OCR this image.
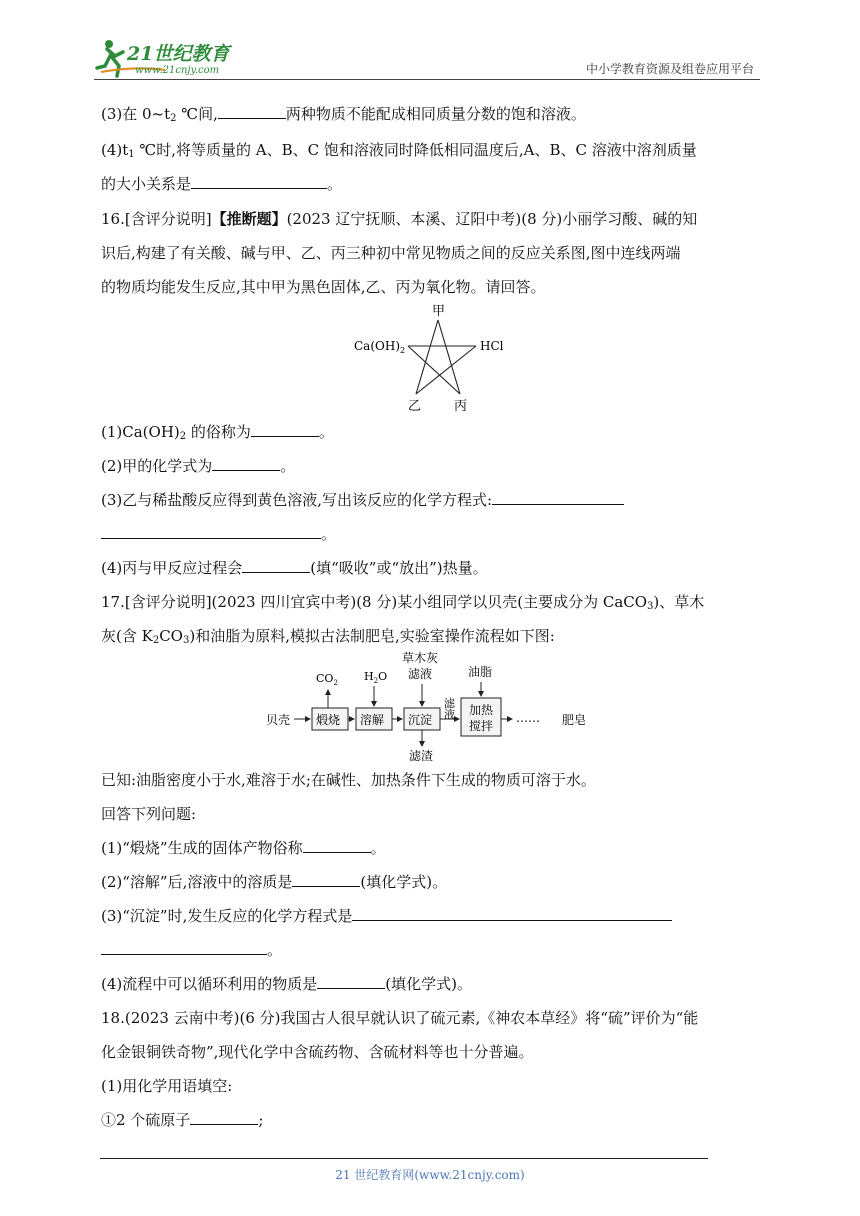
21世纪教育
www.21cnjy.com	中小学教育资源及组卷应用平台
(3)在 $0\sim t_2$ ℃间,	两种物质不能配成相同质量分数的饱和溶液。
$(4)t_1$ ℃时,将等质量的 A、B、C 饱和溶液同时降低相同温度后,A、B、C 溶液中溶剂质量
的大小关系是	。
16.[含评分说明]【推断题】(2023 辽宁抚顺、本溪、辽阳中考)(8 分)小丽学习酸、碱的知
识后,构建了有关酸、碱与甲、乙、丙三种初中常见物质之间的反应关系图,图中连线两端
的物质均能发生反应,其中甲为黑色固体,乙、丙为氧化物。请回答。
甲
$Ca(OH)_2$	HCl
乙	丙
$(1)Ca(OH)_2$ 的俗称为	。
(2)甲的化学式为	。
(3)乙与稀盐酸反应得到黄色溶液,写出该反应的化学方程式:
。
(4)丙与甲反应过程会	(填“吸收”或“放出”)热量。
17.[含评分说明](2023 四川宜宾中考)(8 分)某小组同学以贝壳(主要成分为 CaCO$_3$)、草木
灰(含 $K_2CO_3$)和油脂为原料,模拟古法制肥皂,实验室操作流程如下图:
贝壳 煅烧 溶解 沉淀
加热
搅拌
$CO_2$ $H_2O$
草木灰
滤液	油脂
滤
液
滤渣
…… 肥皂
已知:油脂密度小于水,难溶于水;在碱性、加热条件下生成的物质可溶于水。
回答下列问题:
(1)“煅烧”生成的固体产物俗称	。
(2)“溶解”后,溶液中的溶质是	(填化学式)。
(3)“沉淀”时,发生反应的化学方程式是
。
(4)流程中可以循环利用的物质是	(填化学式)。
18.(2023 云南中考)(6 分)我国古人很早就认识了硫元素,《神农本草经》将“硫”评价为“能
化金银铜铁奇物”,现代化学中含硫药物、含硫材料等也十分普遍。
(1)用化学用语填空:
①2 个硫原子	;
21 世纪教育网(www.21cnjy.com)
